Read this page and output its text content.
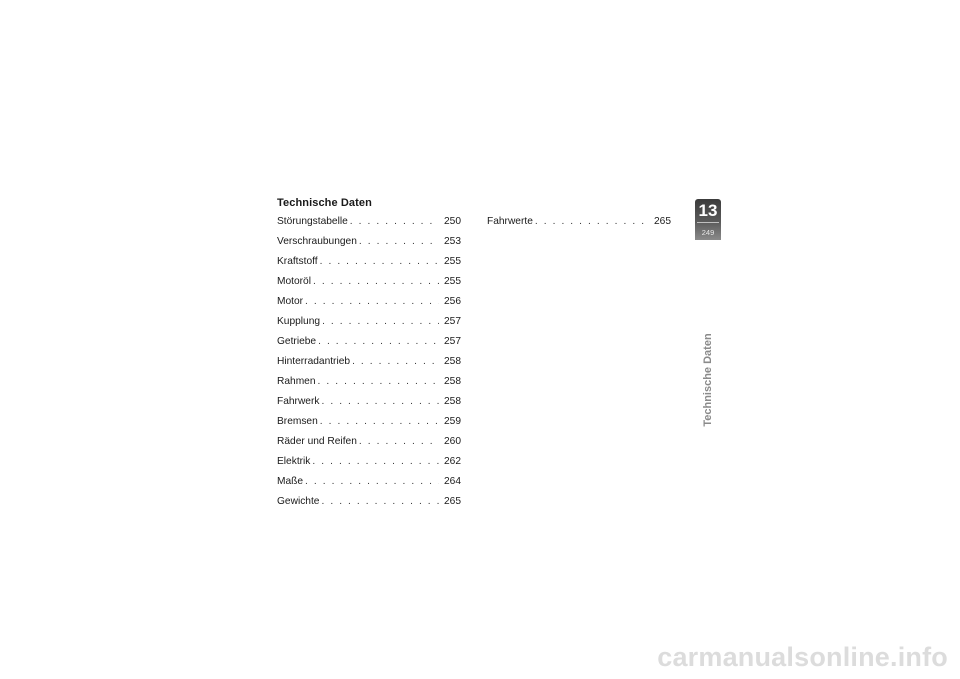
Technische Daten
Störungstabelle . . .	250
Verschraubungen . . .	253
Kraftstoff . . .	255
Motoröl . . .	255
Motor . . .	256
Kupplung . . .	257
Getriebe . . .	257
Hinterradantrieb . . .	258
Rahmen . . .	258
Fahrwerk . . .	258
Bremsen . . .	259
Räder und Reifen . . .	260
Elektrik . . .	262
Maße . . .	264
Gewichte . . .	265
Fahrwerte . . .	265
13
249
Technische Daten
carmanualsonline.info
